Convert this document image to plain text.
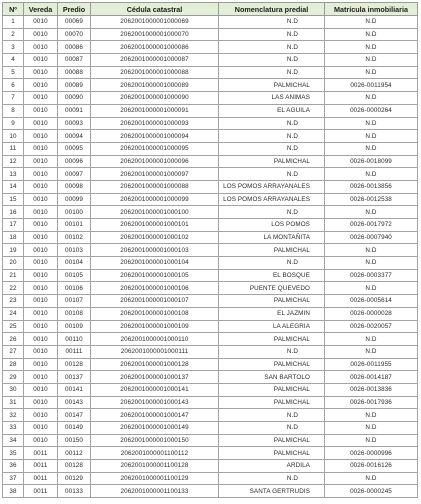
Nº	Vereda	Predio	Cédula catastral	Nomenclatura predial	Matrícula inmobiliaria
1	0010	00069	2062001000001000069	N.D	N.D
2	0010	00070	2062001000001000070	N.D	N.D
3	0010	00086	2062001000001000086	N.D	N.D
4	0010	00087	2062001000001000087	N.D	N.D
5	0010	00088	2062001000001000088	N.D	N.D
6	0010	00089	2062001000001000089	PALMICHAL	0026-0011954
7	0010	00090	2062001000001000090	LAS ANIMAS	N.D
8	0010	00091	2062001000001000091	EL AGUILA	0026-0000264
9	0010	00093	2062001000001000093	N.D	N.D
10	0010	00094	2062001000001000094	N.D	N.D
11	0010	00095	2062001000001000095	N.D	N.D
12	0010	00096	2062001000001000096	PALMICHAL	0026-0018099
13	0010	00097	2062001000001000097	N.D	N.D
14	0010	00098	2062001000001000088	LOS POMOS ARRAYANALES	0026-0013856
15	0010	00099	2062001000001000099	LOS POMOS ARRAYANALES	0026-0012538
16	0010	00100	2062001000001000100	N.D	N.D
17	0010	00101	2062001000001000101	LOS POMOS	0026-0017972
18	0010	00102	2062001000001000102	LA MONTAÑITA	0026-0007940
19	0010	00103	2062001000001000103	PALMICHAL	N.D
20	0010	00104	2062001000001000104	N.D	N.D
21	0010	00105	2062001000001000105	EL BOSQUE	0026-0003377
22	0010	00106	2062001000001000106	PUENTE QUEVEDO	N.D
23	0010	00107	2062001000001000107	PALMICHAL	0026-0005614
24	0010	00108	2062001000001000108	EL JAZMIN	0026-0000028
25	0010	00109	2062001000001000109	LA ALEGRIA	0026-0020057
26	0010	00110	2062001000001000110	PALMICHAL	N.D
27	0010	00111	2062001000001000111	N.D	N.D
28	0010	00128	2062001000001000128	PALMICHAL	0026-0011955
29	0010	00137	2062001000001000137	SAN BARTOLO	0026-0014187
30	0010	00141	2062001000001000141	PALMICHAL	0026-0013836
31	0010	00143	2062001000001000143	PALMICHAL	0026-0017936
32	0010	00147	2062001000001000147	N.D	N.D
33	0010	00149	2062001000001000149	N.D	N.D
34	0010	00150	2062001000001000150	PALMICHAL	N.D
35	0011	00112	2062001000001100112	PALMICHAL	0026-0000996
36	0011	00128	2062001000001100128	ARDILA	0026-0016126
37	0011	00129	2062001000001100129	N.D	N.D
38	0011	00133	2062001000001100133	SANTA GERTRUDIS	0026-0000245
